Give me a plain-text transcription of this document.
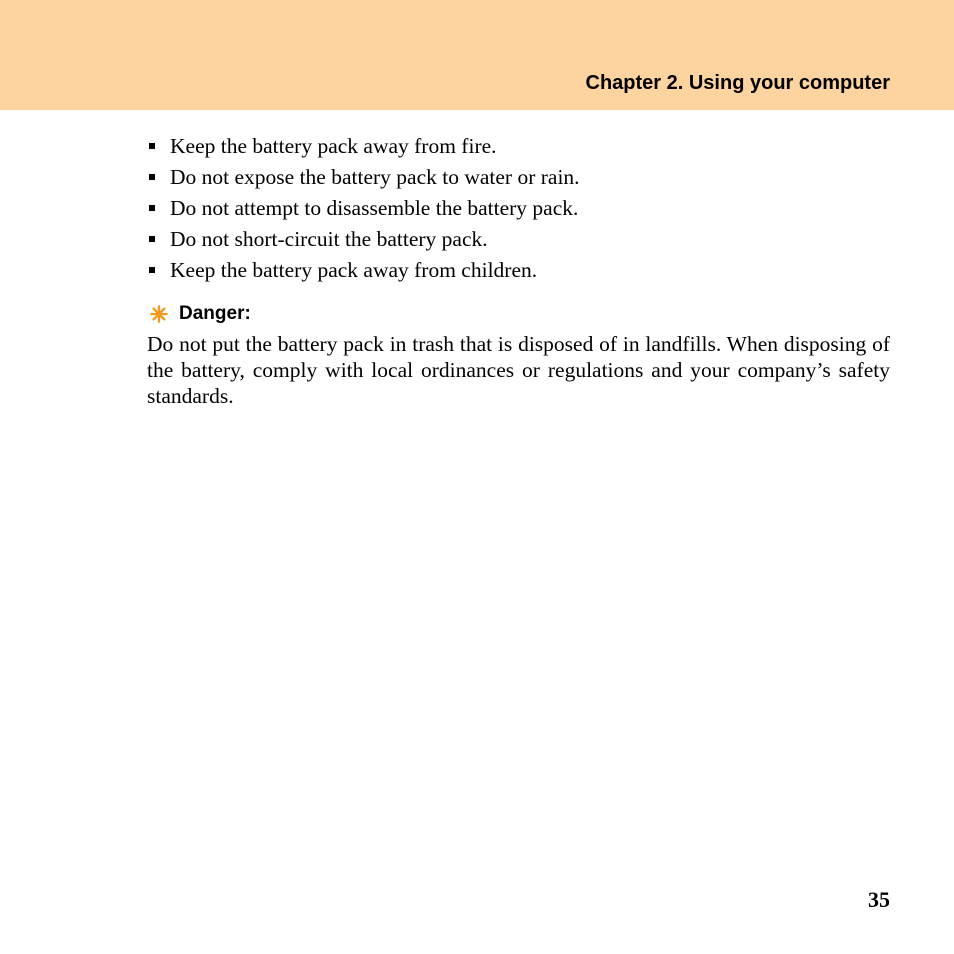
Chapter 2. Using your computer
Keep the battery pack away from fire.
Do not expose the battery pack to water or rain.
Do not attempt to disassemble the battery pack.
Do not short-circuit the battery pack.
Keep the battery pack away from children.
Danger:

Do not put the battery pack in trash that is disposed of in landfills. When disposing of the battery, comply with local ordinances or regulations and your company’s safety standards.

35
